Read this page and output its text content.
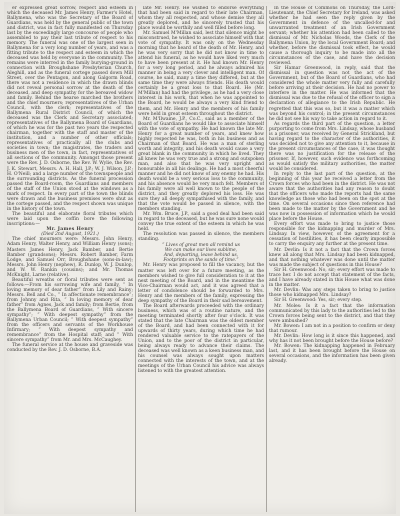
er expressed great sorrow, respect and esteem in which the deceased Mr. James Henry, Farmer's Hotel, Ballymena, who was the Secretary of the Board of Guardians, was held by the general public of the town and district, was in fact fully manifested on Thursday last by the exceedingly large concourse of people who assembled to pay their last tribute of respect to his memory. The funeral was one of the largest seen in Ballymena for a very long number of years, and was a fitting tribute to the respect and esteem in which the deceased was held by everyone in the community. The remains were interred in the family burying-ground in connection with Broughshane Presbyterian Church, Aleghill, and as the funeral cortege passed down Mill Street, over the Pentagon, and along Galgorm Road, there was not a residence in which the drawn blinds did not reveal personal sorrow at the death of the deceased, and deep sympathy for the bereaved widow and family. Behind the hearse marched the brothers and the chief mourners; representatives of the Urban Council, with the clerk; representatives of the Ballymena Rural District Council, of which the deceased was the Clerk and Secretary associated; representatives of the Ballymena Board of Guardians, of which he was for the past two years the respected chairman, together with the staff and master of the institution, and a number of other officials; representatives of practically all the clubs and societies in town; the magistrates, the traders and business men of the town, in fact, representatives of all sections of the community. Amongst those present were the Rev. J. D. Osborne, the Rev. W. Wylie, the Rev. J. K. Stewart, Messrs. A. H. Hall, J.P.; W. J. Wilson, J.P.; H. O'Neill; and a large number of the townspeople and the surrounding districts. As the funeral procession passed the Board-room, the Guardians and members of the staff of the Union stood at the windows as a mark of respect. In every part of the town the blinds were drawn and the business premises were shut as the cortege passed, and the respect shown was unique in the history of the town.

The beautiful and elaborate floral tributes which were laid upon the coffin bore the following inscriptions:—

Mr. James Henry

(Died 2nd August, 1921.)

The chief mourners were: Messrs. John Henry, Adam Henry, Walter Henry, and William Henry (sons); Masters James Henry, Jack Bamber, and Bertie Bamber (grandsons); Messrs. Robert Bamber, Farm Lodge, and Samuel Orr, Broughshane (sons-in-law); Messrs. John Henry (nephew), R. Dunlop, W. J. Dunlop, and W. W. Rankin (cousins); and Mr. Thomas McKnight, Larne (relative).

Beautiful wreaths or floral tributes were sent as follows:—From his sorrowing wife and family, “ In loving memory of dear father” from Lily and Rainy; Messrs. Bell and Co., “ In affectionate remembrance”; from Johnny and Rita, “ In loving memory of dear father” from Agnes, Jack and family; from Bertie, from the Ballymena Board of Guardians, “ With sincere sympathy”; “ With deepest sympathy” from the Ballymena Urban Council; “ With deepest sympathy” from the officers and servants of the Workhouse Infirmary; “ With deepest sympathy and remembrance” from the Hospital staff; and “ With sincere sympathy” from Mr. and Mrs. McCaughey.

The funeral service at the house and graveside was conducted by the Rev. J. D. Osborne, B.A.

late Mr. Henry. He wished to endorse everything that had been said in regard to their late Chairman, whom they all respected, and whose demise they all greatly deplored, and he sincerely trusted that his place would be worthily and well filled before long.

Mr. Samuel M'Millan said, lest that silence might be misconstrued, he wished to associate himself with that vote of sympathy. It was only on the Wednesday morning that he heard of the death of Mr. Henry, and he was very sorry that he did not know in time to attend his funeral, as he would have liked very much to have been present at it. He had known Mr. Henry for a very long period, and he always admired his manner in being a very clever and intelligent man. Of course, he said, many a time they differed, but at the same time they were always friends. His death would certainly be a great loss to that Board. He (Mr. M'Millan) had had the privilege, as he had a very close interest in his work, that when he was appointed to the Board, he would be always a very kind friend to them, and Mr. Henry and the members of his family were held in great esteem throughout the district.

Mr. M'Ilwaine, J.P., Co.C., said as a member of the Board of Guardians he would like to associate himself with the vote of sympathy. He had known the late Mr. Henry for a great number of years, and knew how highly respected he was, both in his business and as Chairman of that Board. He was a man of sterling worth and integrity, and his death would cause a very great blank in the community in which he lived. They all knew he was very true and a strong and outspoken man, and also that he was very upright and honourable in all his dealings. He had a most cheerful manner and he did not know of any enemy he had. His death would be a very serious loss to the community, and his absence would be very much felt. Members of his family were all well known to the people of the district, and they greatly deplored his loss. He was sure they all deeply sympathised with the family, and that the vote would be passed in silence, with the members standing.

Mr. Wm. Bruce, J.P., said a good deal had been said in regard to the deceased, but he was sure none would convey the true extent of the esteem in which he was held.

The resolution was passed in silence, the members standing.

“ Lives of great men all remind us

We can make our lives sublime,

And, departing, leave behind us,

Footprints on the sands of time.”

Mr. Henry was proposed to fill the vacancy, but the matter was left over for a future meeting, as the members wished to give full consideration to it at the next meeting of the Board, and in the meantime the Vice-Chairman would act, and it was agreed that a letter of condolence should be forwarded to Mrs. Henry and the members of the family, expressing the deep sympathy of the Board in their sad bereavement.

The Board afterwards proceeded with the ordinary business, which was of a routine nature, and the meeting terminated shortly after four o'clock. It was stated that the late Chairman was the oldest member of the Board, and had been connected with it for upwards of thirty years, during which time he had rendered valuable service to the ratepayers of the Union, and to the poor of the district in particular, being always ready to advance their claims. The deceased was well known as a keen business man, and his counsel was always sought upon matters connected with the interests of the town, and at the meetings of the Urban Council his advice was always listened to with the greatest attention.

In the House of Commons on Thursday, the Lord-Lieutenant, the Chief Secretary for Ireland, was asked whether he had seen the reply given by the Government in defence of the uncalled-for and unwarranted treatment of an Irish Government servant; whether his attention had been called to the dismissal of Mr. Nicholas Woods, the Clerk of the Ballymena Union, by the local Government Board; and whether, before the dismissal took effect, he would cause a thorough inquiry to be made into all the circumstances of the case, and have the decision reviewed.

Sir Hamar Greenwood, in reply, said that the dismissal in question was not the act of the Government, but of the Board of Guardians, who had considered the whole matter very fully and carefully before arriving at their decision. He had no power to interfere in the matter. He was informed that the dismissal was due to the refusal of the officer to sign a declaration of allegiance to the Irish Republic. He regretted that this was so, but it was a matter which was beyond his control; in the present circumstances he did not see his way to take action in regard to it.

As regards the third part of the question, a letter purporting to come from Mrs. Lindsay, whose husband is a prisoner, was received by General Strickland, but having regard to the character of the authorities, it was decided not to give any attention to it, because in the present circumstances of the case, it was thought there was no justification for the release of the prisoner. If, however, such evidence was forthcoming as would satisfy the military authorities, the matter would be considered.

In reply to the last part of the question, at the beginning of this year he received a letter from the Crown forces who had been in the district. He was not aware that the authorities had any reason to doubt that the officers who made the reports had the same knowledge as those who had been on the spot at the time. On several occasions since then reference had been made to the matter by the Government and he was now in possession of information which he would place before the House.

Every effort was made to bring to justice those responsible for the kidnapping and murder of Mrs. Lindsay. In view, however, of the agreement for a cessation of hostilities, it has been clearly impossible to carry the enquiry any further at the present time.

Mr. Devlin: Is it not a fact that the Crown forces knew all along that Mrs. Lindsay had been kidnapped, and that nothing whatever was done until the matter was made the subject of questions in this House?

Sir H. Greenwood: No, sir; every effort was made to trace her. I do not accept that statement of the facts, and I have already stated in this House what was done in the matter.

Mr. Devlin: Was any steps taken to bring to justice those who kidnapped Mrs. Lindsay?

Sir H. Greenwood: Yes, sir; every step.

Mr. Moles: Is it a fact that the information communicated by this lady to the authorities led to the Crown forces being sent to the district, and that they were ambushed?

Mr. Bowen: I am not in a position to confirm or deny that rumour.

Mr. Devlin: How long is it since this happened, and why has it not been brought before the House before?

Mr. Bowen: The kidnapping happened in February last, and it has been brought before the House on several occasions, and the information has been given already.
